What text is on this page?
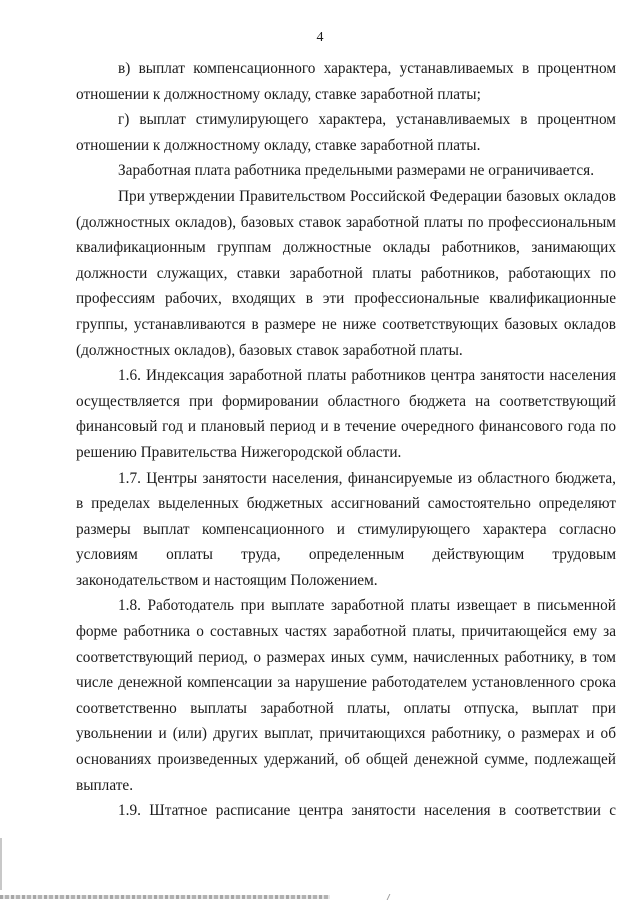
4

в) выплат компенсационного характера, устанавливаемых в процентном отношении к должностному окладу, ставке заработной платы;

г) выплат стимулирующего характера, устанавливаемых в процентном отношении к должностному окладу, ставке заработной платы.

Заработная плата работника предельными размерами не ограничивается.

При утверждении Правительством Российской Федерации базовых окладов (должностных окладов), базовых ставок заработной платы по профессиональным квалификационным группам должностные оклады работников, занимающих должности служащих, ставки заработной платы работников, работающих по профессиям рабочих, входящих в эти профессиональные квалификационные группы, устанавливаются в размере не ниже соответствующих базовых окладов (должностных окладов), базовых ставок заработной платы.

1.6. Индексация заработной платы работников центра занятости населения осуществляется при формировании областного бюджета на соответствующий финансовый год и плановый период и в течение очередного финансового года по решению Правительства Нижегородской области.

1.7. Центры занятости населения, финансируемые из областного бюджета, в пределах выделенных бюджетных ассигнований самостоятельно определяют размеры выплат компенсационного и стимулирующего характера согласно условиям оплаты труда, определенным действующим трудовым законодательством и настоящим Положением.

1.8. Работодатель при выплате заработной платы извещает в письменной форме работника о составных частях заработной платы, причитающейся ему за соответствующий период, о размерах иных сумм, начисленных работнику, в том числе денежной компенсации за нарушение работодателем установленного срока соответственно выплаты заработной платы, оплаты отпуска, выплат при увольнении и (или) других выплат, причитающихся работнику, о размерах и об основаниях произведенных удержаний, об общей денежной сумме, подлежащей выплате.

1.9. Штатное расписание центра занятости населения в соответствии с
